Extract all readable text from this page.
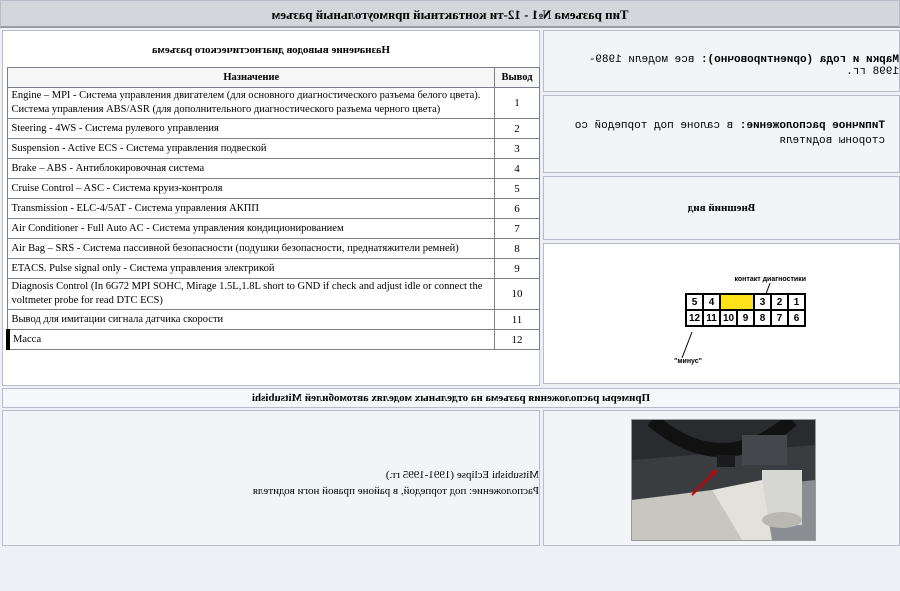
Тип разъема №1 - 12-ти контактный прямоугольный разъем
Назначение выводов диагностического разъема
Вывод	Назначение

1	Engine – MPI - Система управления двигателем (для основного диагностического разъема белого цвета). Система управления ABS/ASR (для дополнительного диагностического разъема черного цвета)

2	Steering - 4WS - Система рулевого управления

3	Suspension - Active ECS - Система управления подвеской

4	Brake – ABS - Антиблокировочная система

5	Cruise Control – ASC - Система круиз-контроля

6	Transmission - ELC-4/5AT - Система управления АКПП

7	Air Conditioner - Full Auto AC - Система управления кондиционированием

8	Air Bag – SRS - Система пассивной безопасности (подушки безопасности, преднатяжители ремней)

9	ETACS. Pulse signal only - Система управления электрикой

10	Diagnosis Control (In 6G72 MPI SOHC, Mirage 1.5L,1.8L short to GND if check and adjust idle or connect the voltmeter probe for read DTC ECS)

11	Вывод для имитации сигнала датчика скорости

12	Масса
Марки и года (ориентировочно): все модели 1989-1998 гг.
Типичное расположение: в салоне под торпедой со стороны водителя
Внешний вид
контакт диагностики
1
2
3
4
5
6
7
8
9
10
11
12
"минус"
Примеры расположения разъема на отдельных моделях автомобилей Mitsubishi
Mitsubishi Eclipse (1991-1995 гг.)
Расположение: под торпедой, в районе правой ноги водителя
